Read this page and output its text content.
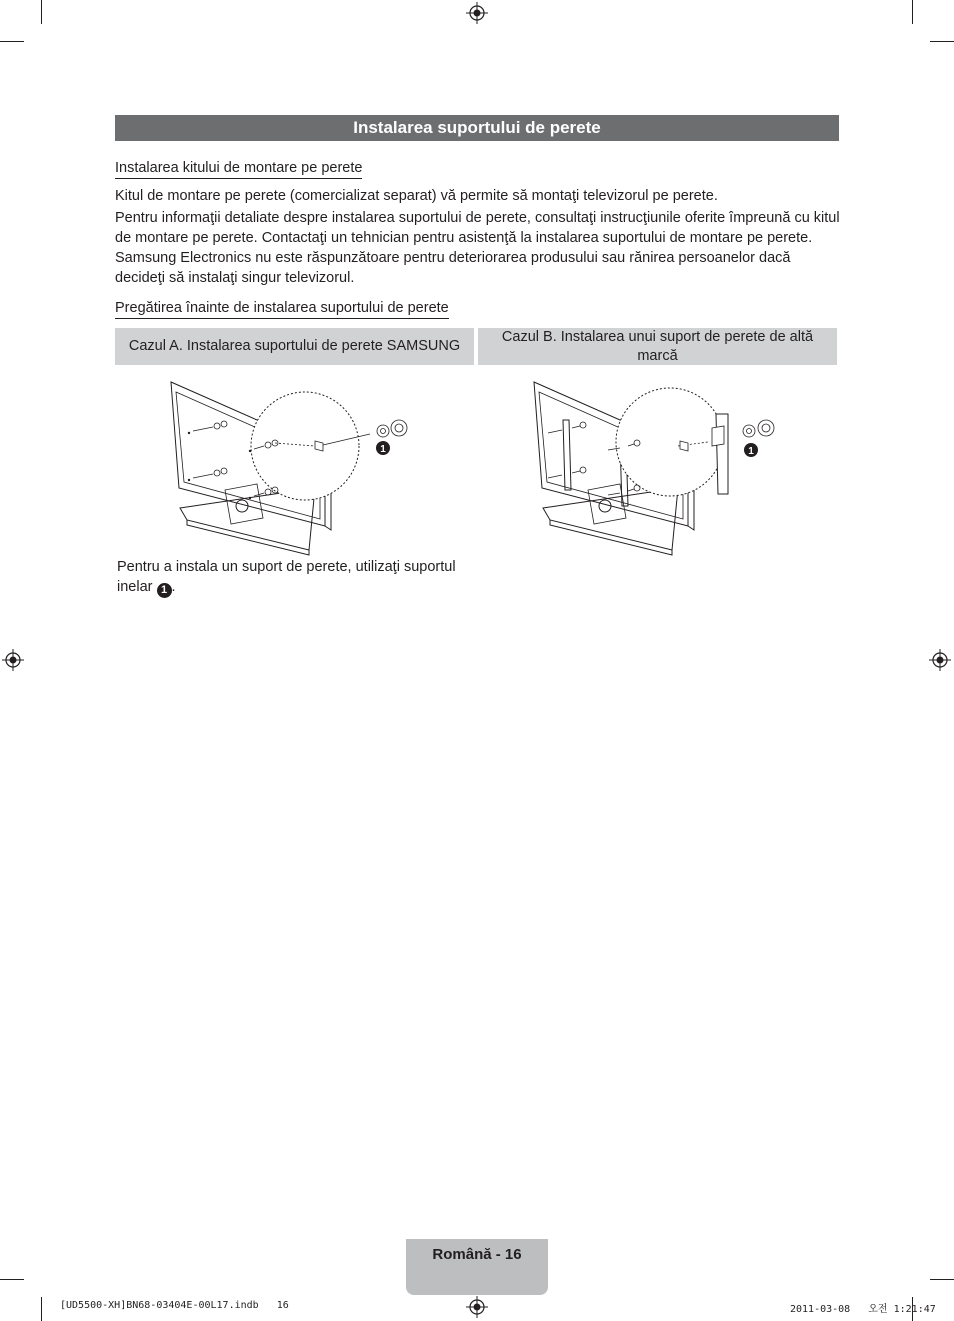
Instalarea suportului de perete
Instalarea kitului de montare pe perete

Kitul de montare pe perete (comercializat separat) vă permite să montaţi televizorul pe perete.

Pentru informaţii detaliate despre instalarea suportului de perete, consultaţi instrucţiunile oferite împreună cu kitul de montare pe perete. Contactaţi un tehnician pentru asistenţă la instalarea suportului de montare pe perete. Samsung Electronics nu este răspunzătoare pentru deteriorarea produsului sau rănirea persoanelor dacă decideţi să instalaţi singur televizorul.

Pregătirea înainte de instalarea suportului de perete
Cazul A. Instalarea suportului de perete SAMSUNG
Cazul B. Instalarea unui suport de perete de altă marcă
1	1
Pentru a instala un suport de perete, utilizaţi suportul inelar 1 .
Română - 16
[UD5500-XH]BN68-03404E-00L17.indb   16	2011-03-08   오전 1:21:47
